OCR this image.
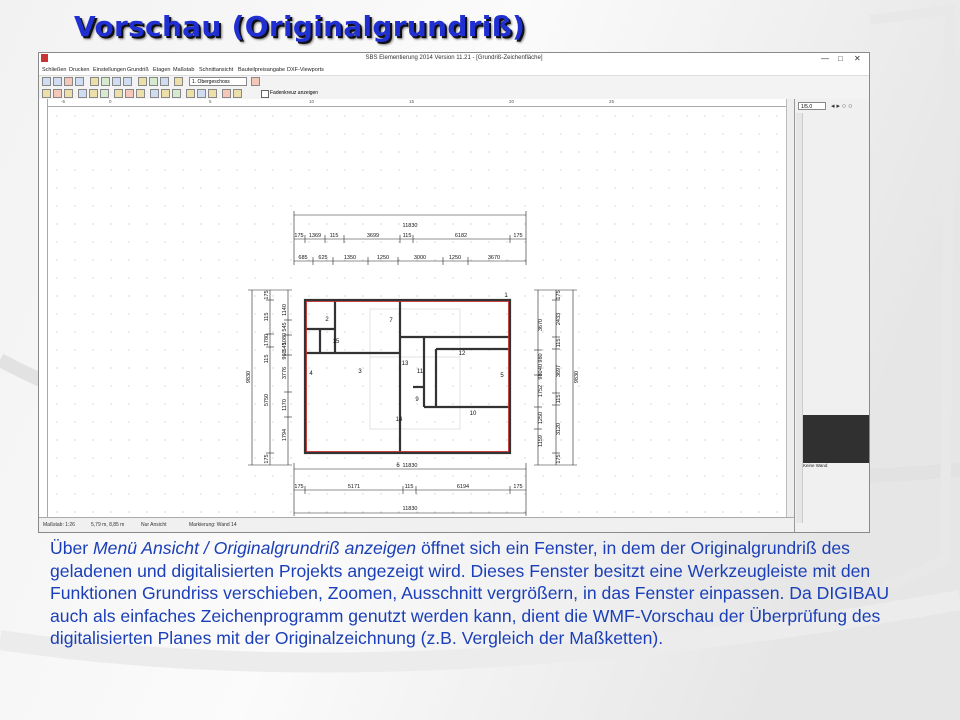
Vorschau (Originalgrundriß)
SBS Elementierung 2014 Version 11.21 - [Grundriß-Zeichenfläche]	— □ ✕
Schließen Drucken Einstellungen Grundriß Etagen Maßstab Schnittansicht Bauteilpreisangabe DXF-Viewports
1. Obergeschoss
Fadenkreuz anzeigen
-5	0	5	10	15	20	25
11830
175 1369 115	3699	115	6182	175
685 625	1350	1250	3000	1250	3670
11830
175	5171	115	6194	175
11830
9830
175
115
1780
115
5750
175
1140
545
1080
545
960
3776
1170
1794
9830
175
2433
115
3697
115
3120
175
3670
980
40
980
1752
1250
1159
1
2
3
4	5
6
7
9
10
11
12
13
14
15
1/5.0	◂ ▸ ○ ○
Keine Wand
Maßstab: 1:26	5,79 m, 8,85 m	Nur Ansicht	Markierung: Wand 14
Über Menü Ansicht / Originalgrundriß anzeigen öffnet sich ein Fenster, in dem der Originalgrundriß des geladenen und digitalisierten Projekts angezeigt wird. Dieses Fenster besitzt eine Werkzeugleiste mit den Funktionen Grundriss verschieben, Zoomen, Ausschnitt vergrößern, in das Fenster einpassen. Da DIGIBAU auch als einfaches Zeichenprogramm genutzt werden kann, dient die WMF-Vorschau der Überprüfung des digitalisierten Planes mit der Originalzeichnung (z.B. Vergleich der Maßketten).
